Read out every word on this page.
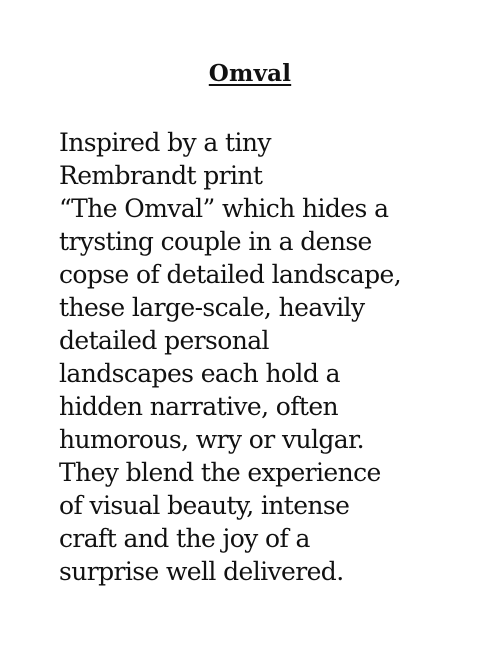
Omval
Inspired by a tiny
Rembrandt print
“The Omval” which hides a
trysting couple in a dense
copse of detailed landscape,
these large-scale, heavily
detailed personal
landscapes each hold a
hidden narrative, often
humorous, wry or vulgar.
They blend the experience
of visual beauty, intense
craft and the joy of a
surprise well delivered.
